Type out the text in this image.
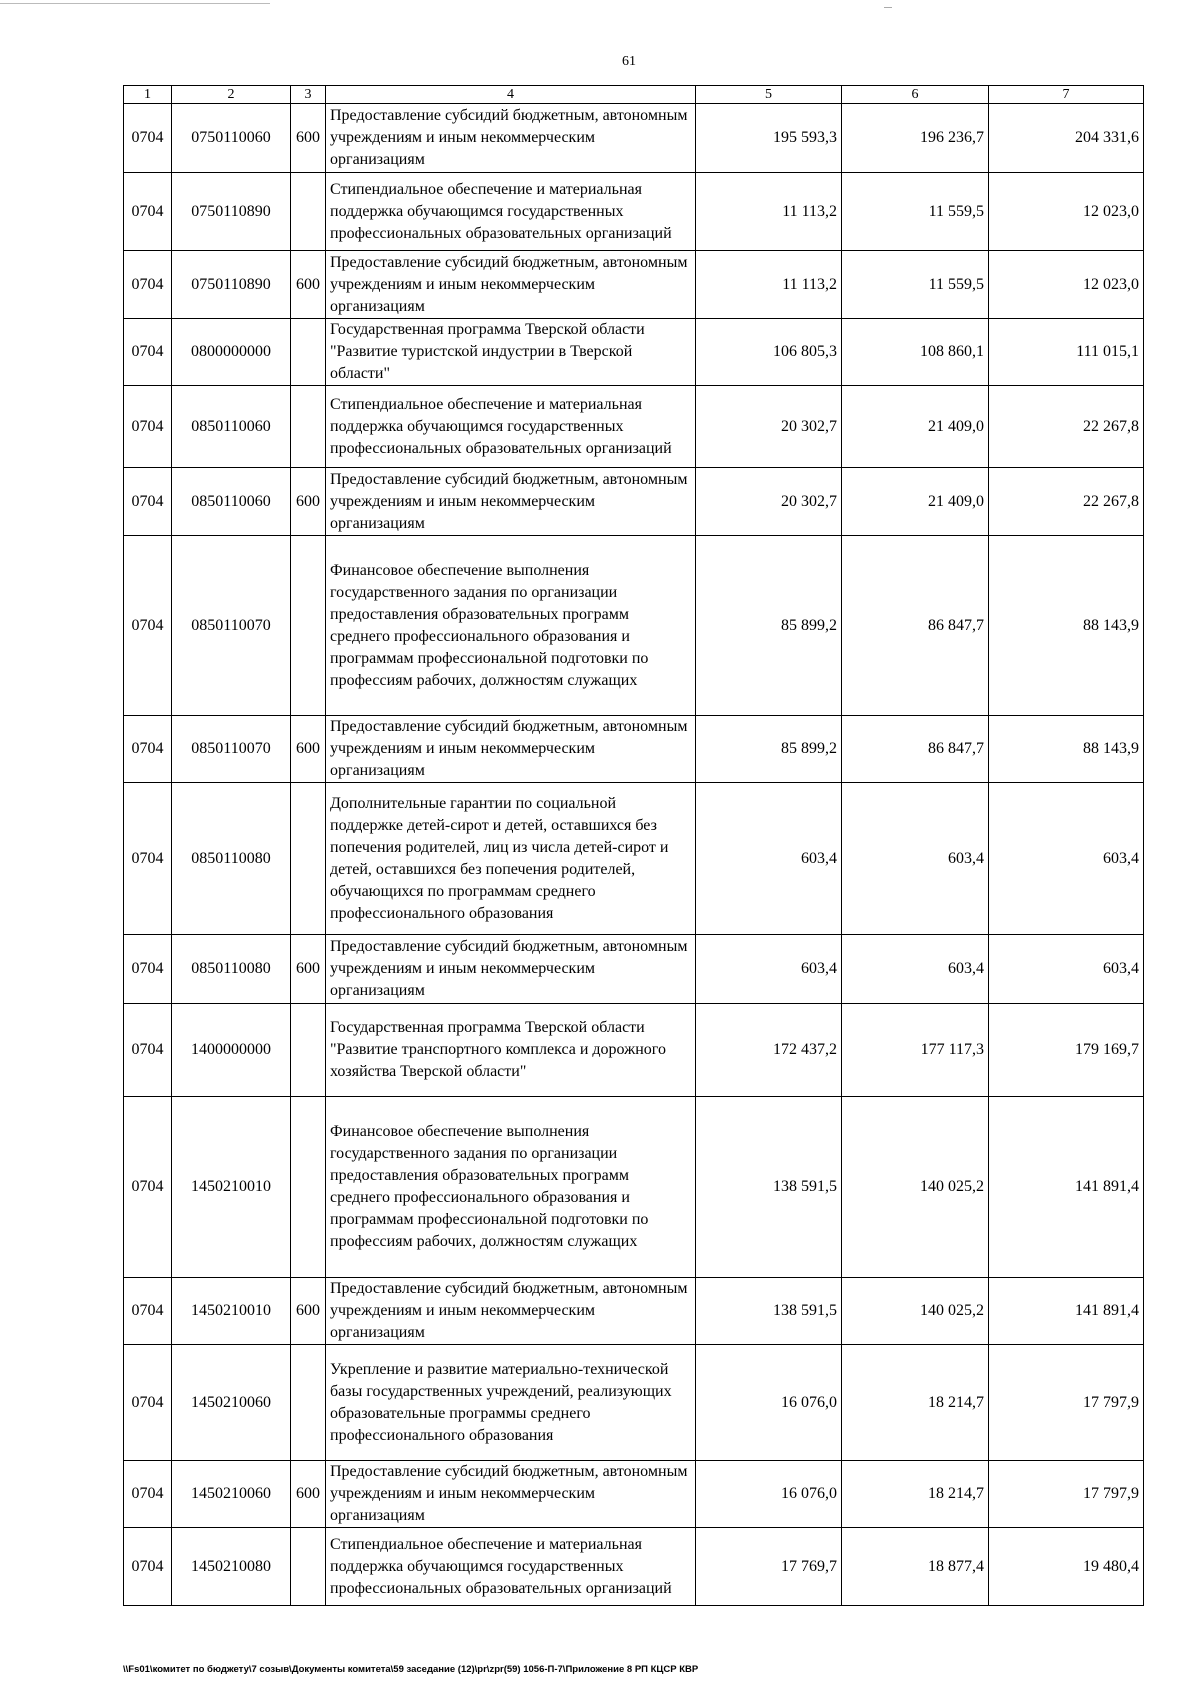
61
1	2	3	4	5	6	7
0704	0750110060	600	Предоставление субсидий бюджетным, автономным учреждениям и иным некоммерческим организациям	195 593,3	196 236,7	204 331,6
0704	0750110890		Стипендиальное обеспечение и материальная поддержка обучающимся государственных профессиональных образовательных организаций	11 113,2	11 559,5	12 023,0
0704	0750110890	600	Предоставление субсидий бюджетным, автономным учреждениям и иным некоммерческим организациям	11 113,2	11 559,5	12 023,0
0704	0800000000		Государственная программа Тверской области "Развитие туристской индустрии в Тверской области"	106 805,3	108 860,1	111 015,1
0704	0850110060		Стипендиальное обеспечение и материальная поддержка обучающимся государственных профессиональных образовательных организаций	20 302,7	21 409,0	22 267,8
0704	0850110060	600	Предоставление субсидий бюджетным, автономным учреждениям и иным некоммерческим организациям	20 302,7	21 409,0	22 267,8
0704	0850110070		Финансовое обеспечение выполнения государственного задания по организации предоставления образовательных программ среднего профессионального образования и программам профессиональной подготовки по профессиям рабочих, должностям служащих	85 899,2	86 847,7	88 143,9
0704	0850110070	600	Предоставление субсидий бюджетным, автономным учреждениям и иным некоммерческим организациям	85 899,2	86 847,7	88 143,9
0704	0850110080		Дополнительные гарантии по социальной поддержке детей-сирот и детей, оставшихся без попечения родителей, лиц из числа детей-сирот и детей, оставшихся без попечения родителей, обучающихся по программам среднего профессионального образования	603,4	603,4	603,4
0704	0850110080	600	Предоставление субсидий бюджетным, автономным учреждениям и иным некоммерческим организациям	603,4	603,4	603,4
0704	1400000000		Государственная программа Тверской области "Развитие транспортного комплекса и дорожного хозяйства Тверской области"	172 437,2	177 117,3	179 169,7
0704	1450210010		Финансовое обеспечение выполнения государственного задания по организации предоставления образовательных программ среднего профессионального образования и программам профессиональной подготовки по профессиям рабочих, должностям служащих	138 591,5	140 025,2	141 891,4
0704	1450210010	600	Предоставление субсидий бюджетным, автономным учреждениям и иным некоммерческим организациям	138 591,5	140 025,2	141 891,4
0704	1450210060		Укрепление и развитие материально-технической базы государственных учреждений, реализующих образовательные программы среднего профессионального образования	16 076,0	18 214,7	17 797,9
0704	1450210060	600	Предоставление субсидий бюджетным, автономным учреждениям и иным некоммерческим организациям	16 076,0	18 214,7	17 797,9
0704	1450210080		Стипендиальное обеспечение и материальная поддержка обучающимся государственных профессиональных образовательных организаций	17 769,7	18 877,4	19 480,4
\\Fs01\комитет по бюджету\7 созыв\Документы комитета\59 заседание (12)\pr\zpr(59) 1056-П-7\Приложение 8 РП КЦСР КВР
